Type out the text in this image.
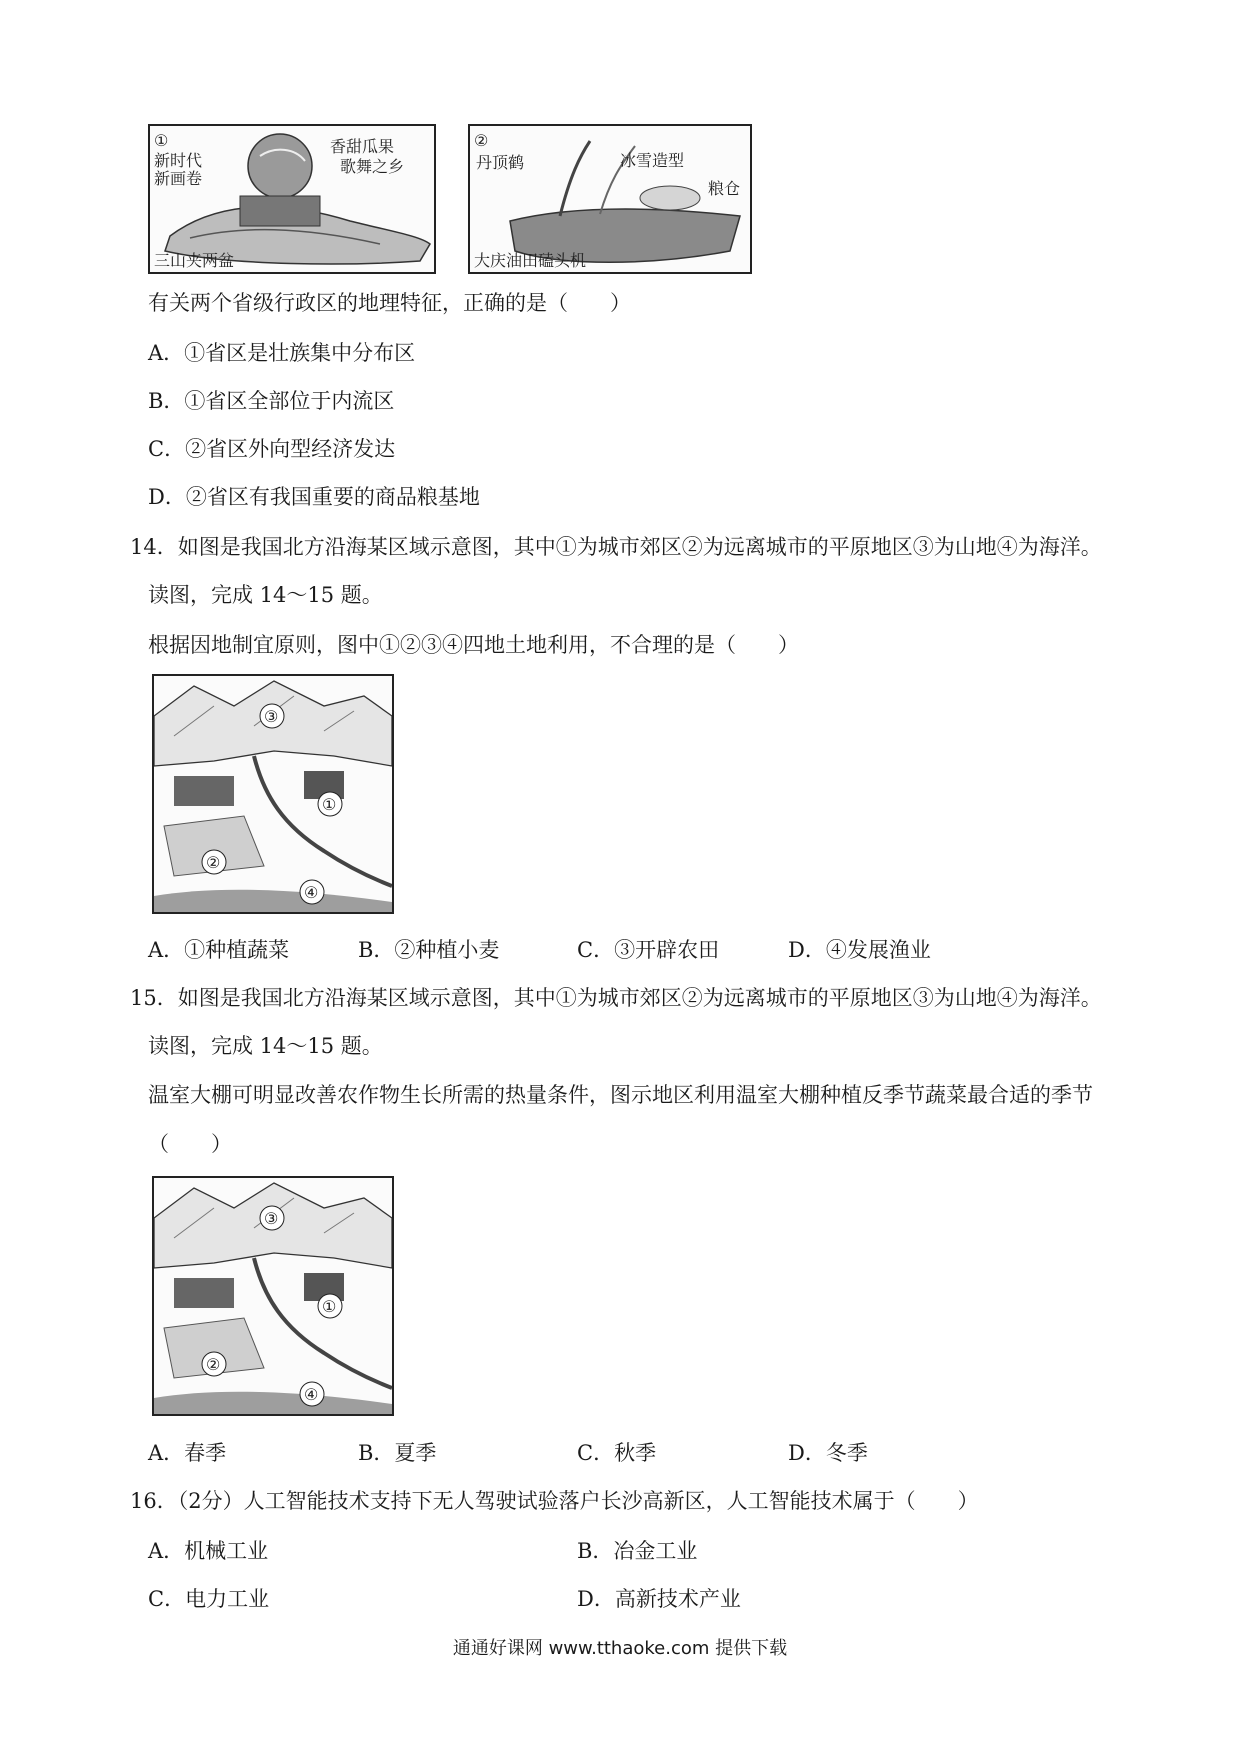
①
新时代
新画卷
香甜瓜果
歌舞之乡
三山夹两盆
②
丹顶鹤	冰雪造型
粮仓
大庆油田磕头机
有关两个省级行政区的地理特征，正确的是（　　）
A．①省区是壮族集中分布区
B．①省区全部位于内流区
C．②省区外向型经济发达
D．②省区有我国重要的商品粮基地
14．如图是我国北方沿海某区域示意图，其中①为城市郊区②为远离城市的平原地区③为山地④为海洋。
读图，完成 14～15 题。
根据因地制宜原则，图中①②③④四地土地利用，不合理的是（　　）
③
①
②
④
A．①种植蔬菜	B．②种植小麦	C．③开辟农田	D．④发展渔业
15．如图是我国北方沿海某区域示意图，其中①为城市郊区②为远离城市的平原地区③为山地④为海洋。
读图，完成 14～15 题。
温室大棚可明显改善农作物生长所需的热量条件，图示地区利用温室大棚种植反季节蔬菜最合适的季节
（　　）
③
①
②
④
A．春季	B．夏季	C．秋季	D．冬季
16．（2分）人工智能技术支持下无人驾驶试验落户长沙高新区，人工智能技术属于（　　）
A．机械工业	B．冶金工业
C．电力工业	D．高新技术产业
通通好课网 www.tthaoke.com 提供下载
